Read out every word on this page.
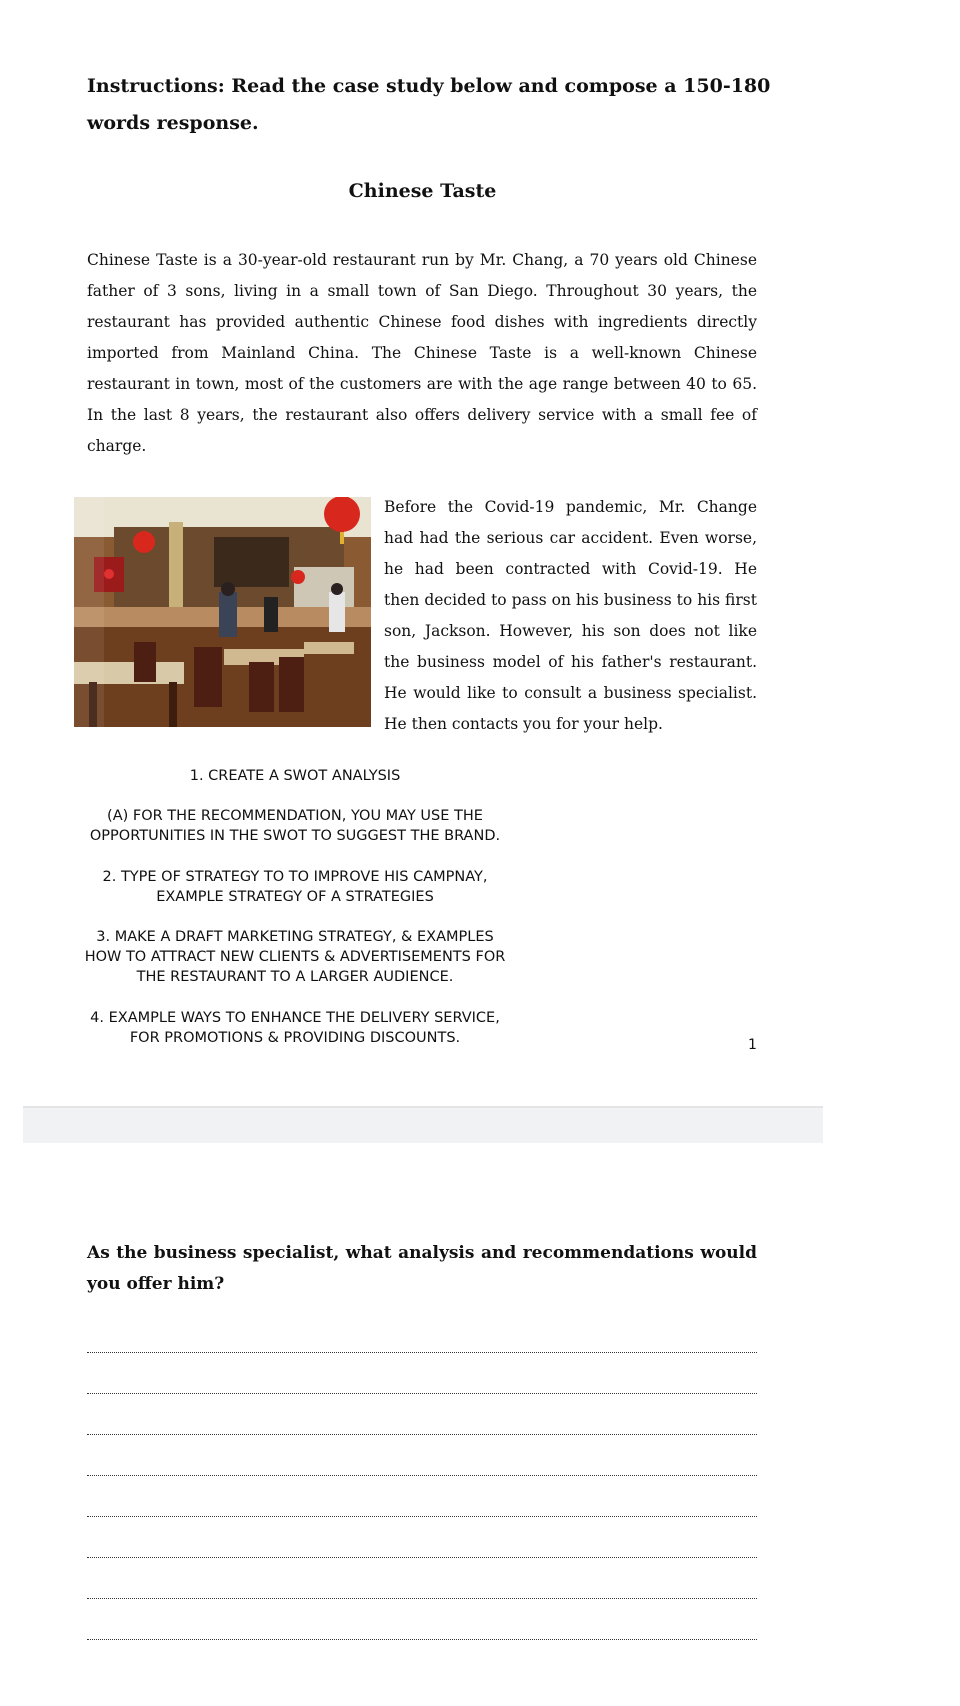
Instructions: Read the case study below and compose a 150-180 words response.
Chinese Taste

Chinese Taste is a 30-year-old restaurant run by Mr. Chang, a 70 years old Chinese father of 3 sons, living in a small town of San Diego. Throughout 30 years, the restaurant has provided authentic Chinese food dishes with ingredients directly imported from Mainland China. The Chinese Taste is a well-known Chinese restaurant in town, most of the customers are with the age range between 40 to 65. In the last 8 years, the restaurant also offers delivery service with a small fee of charge.

Before the Covid-19 pandemic, Mr. Change had had the serious car accident. Even worse, he had been contracted with Covid-19. He then decided to pass on his business to his first son, Jackson. However, his son does not like the business model of his father's restaurant. He would like to consult a business specialist. He then contacts you for your help.

1. CREATE A SWOT ANALYSIS
(A) FOR THE RECOMMENDATION, YOU MAY USE THE
OPPORTUNITIES IN THE SWOT TO SUGGEST THE BRAND.
2. TYPE OF STRATEGY TO TO IMPROVE HIS CAMPNAY,
EXAMPLE STRATEGY OF A STRATEGIES
3. MAKE A DRAFT MARKETING STRATEGY, & EXAMPLES
HOW TO ATTRACT NEW CLIENTS & ADVERTISEMENTS FOR
THE RESTAURANT TO A LARGER AUDIENCE.
4. EXAMPLE WAYS TO ENHANCE THE DELIVERY SERVICE,
FOR PROMOTIONS & PROVIDING DISCOUNTS.	1
As the business specialist, what analysis and recommendations would you offer him?
